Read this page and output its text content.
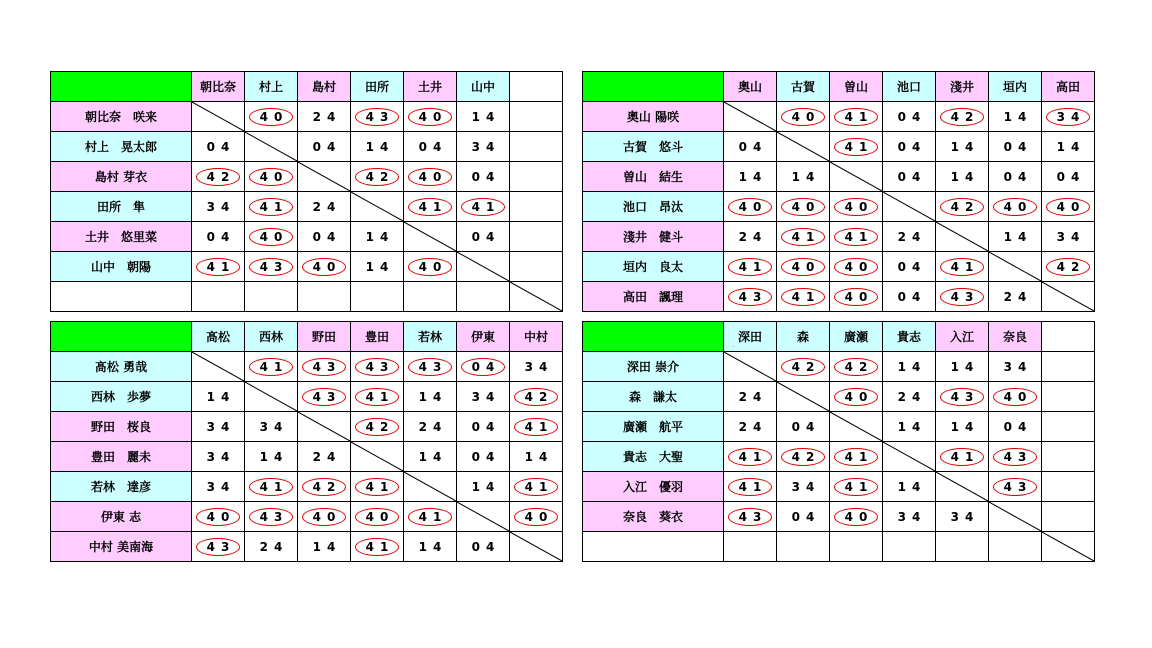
	朝比奈	村上	島村	田所	土井	山中	
朝比奈　咲来		40	24	43	40	14	
村上　晃太郎	04		04	14	04	34	
島村 芽衣	42	40		42	40	04	
田所　隼	34	41	24		41	41	
土井　悠里菜	04	40	04	14		04	
山中　朝陽	41	43	40	14	40	

	奥山	古賀	曽山	池口	淺井	垣内	高田
奥山 陽咲		40	41	04	42	14	34
古賀　悠斗	04		41	04	14	04	14
曽山　結生	14	14		04	14	04	04
池口　昂汰	40	40	40		42	40	40
淺井　健斗	24	41	41	24		14	34
垣内　良太	41	40	40	04	41		42
高田　諷理	43	41	40	04	43	24	
	髙松	西林	野田	豊田	若林	伊東	中村
髙松 勇哉		41	43	43	43	04	34
西林　歩夢	14		43	41	14	34	42
野田　桜良	34	34		42	24	04	41
豊田　麗未	34	14	24		14	04	14
若林　達彦	34	41	42	41		14	41
伊東 志	40	43	40	40	41		40
中村 美南海	43	24	14	41	14	04	
	深田	森	廣瀬	貴志	入江	奈良	
深田 崇介		42	42	14	14	34	
森　謙太	24		40	24	43	40	
廣瀬　航平	24	04		14	14	04	
貴志　大聖	41	42	41		41	43	
入江　優羽	41	34	41	14		43	
奈良　葵衣	43	04	40	34	34	
